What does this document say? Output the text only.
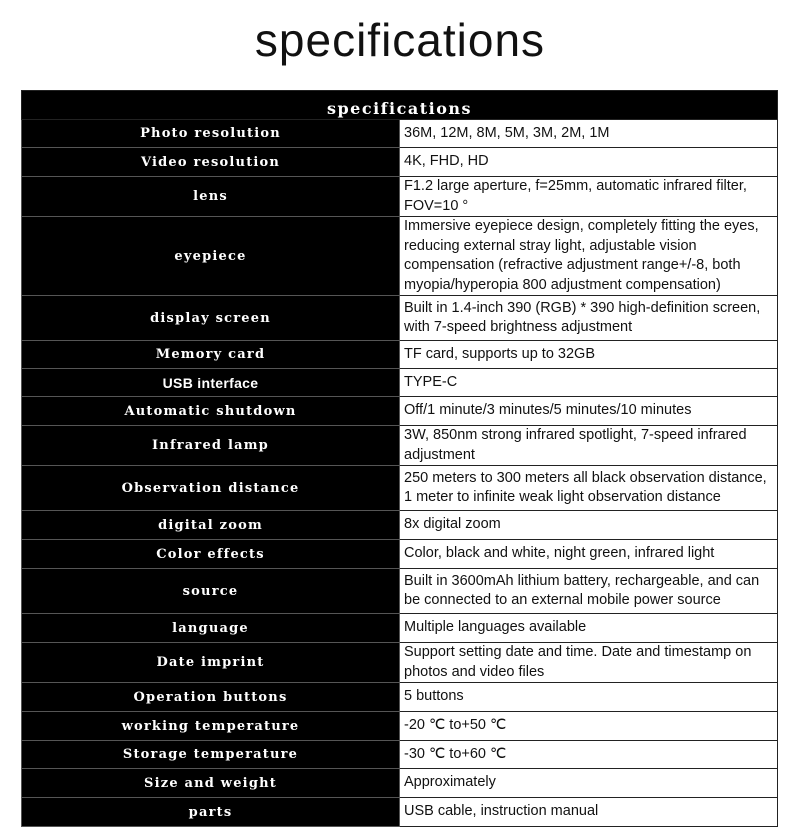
specifications
specifications	
Photo resolution	36M, 12M, 8M, 5M, 3M, 2M, 1M
Video resolution	4K, FHD, HD
lens	F1.2 large aperture, f=25mm, automatic infrared filter, FOV=10 °
eyepiece	Immersive eyepiece design, completely fitting the eyes, reducing external stray light, adjustable vision compensation (refractive adjustment range+/-8, both myopia/hyperopia 800 adjustment compensation)
display screen	Built in 1.4-inch 390 (RGB) * 390 high-definition screen, with 7-speed brightness adjustment
Memory card	TF card, supports up to 32GB
USB interface	TYPE-C
Automatic shutdown	Off/1 minute/3 minutes/5 minutes/10 minutes
Infrared lamp	3W, 850nm strong infrared spotlight, 7-speed infrared adjustment
Observation distance	250 meters to 300 meters all black observation distance, 1 meter to infinite weak light observation distance
digital zoom	8x digital zoom
Color effects	Color, black and white, night green, infrared light
source	Built in 3600mAh lithium battery, rechargeable, and can be connected to an external mobile power source
language	Multiple languages available
Date imprint	Support setting date and time. Date and timestamp on photos and video files
Operation buttons	5 buttons
working temperature	-20 ℃ to+50 ℃
Storage temperature	-30 ℃ to+60 ℃
Size and weight	Approximately
parts	USB cable, instruction manual
